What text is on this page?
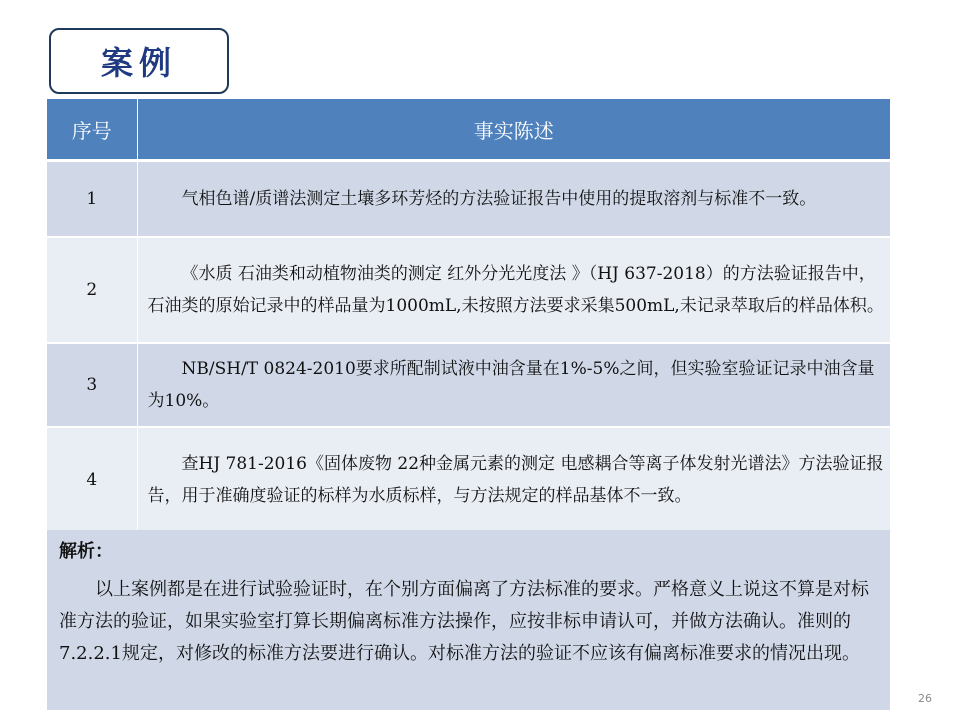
案例
序号	事实陈述
1	气相色谱/质谱法测定土壤多环芳烃的方法验证报告中使用的提取溶剂与标准不一致。
2	《水质 石油类和动植物油类的测定 红外分光光度法 》（HJ 637-2018）的方法验证报告中，石油类的原始记录中的样品量为1000mL,未按照方法要求采集500mL,未记录萃取后的样品体积。
3	NB/SH/T 0824-2010要求所配制试液中油含量在1%-5%之间，但实验室验证记录中油含量为10%。
4	查HJ 781-2016《固体废物 22种金属元素的测定 电感耦合等离子体发射光谱法》方法验证报告，用于准确度验证的标样为水质标样，与方法规定的样品基体不一致。
解析：
以上案例都是在进行试验验证时，在个别方面偏离了方法标准的要求。严格意义上说这不算是对标准方法的验证，如果实验室打算长期偏离标准方法操作，应按非标申请认可，并做方法确认。准则的7.2.2.1规定，对修改的标准方法要进行确认。对标准方法的验证不应该有偏离标准要求的情况出现。
26
